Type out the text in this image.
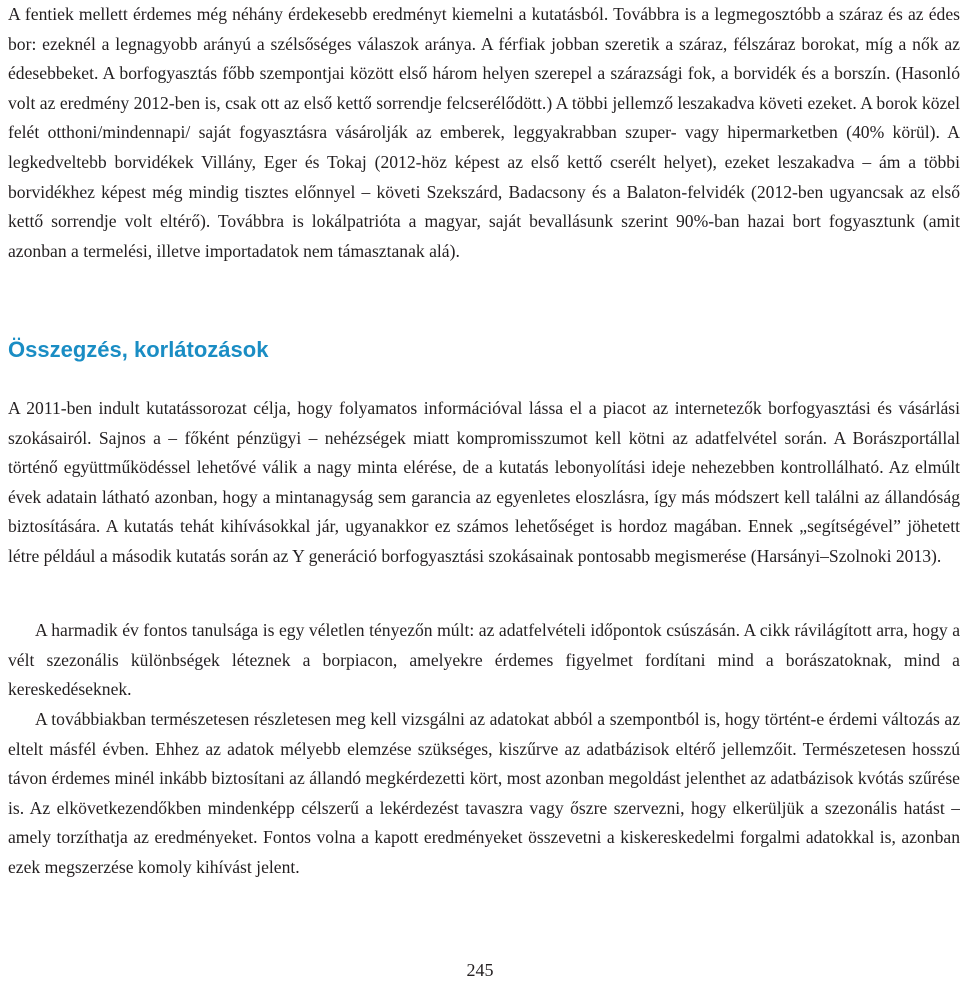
A fentiek mellett érdemes még néhány érdekesebb eredményt kiemelni a kutatásból. Továbbra is a legmegosztóbb a száraz és az édes bor: ezeknél a legnagyobb arányú a szélsőséges válaszok aránya. A férfiak jobban szeretik a száraz, félszáraz borokat, míg a nők az édesebbeket. A borfogyasztás főbb szempontjai között első három helyen szerepel a szárazsági fok, a borvidék és a borszín. (Hasonló volt az eredmény 2012-ben is, csak ott az első kettő sorrendje felcserélődött.) A többi jellemző leszakadva követi ezeket. A borok közel felét otthoni/mindennapi/ saját fogyasztásra vásárolják az emberek, leggyakrabban szuper- vagy hipermarketben (40% körül). A legkedveltebb borvidékek Villány, Eger és Tokaj (2012-höz képest az első kettő cserélt helyet), ezeket leszakadva – ám a többi borvidékhez képest még mindig tisztes előnnyel – követi Szekszárd, Badacsony és a Balaton-felvidék (2012-ben ugyancsak az első kettő sorrendje volt eltérő). Továbbra is lokálpatrióta a magyar, saját bevallásunk szerint 90%-ban hazai bort fogyasztunk (amit azonban a termelési, illetve importadatok nem támasztanak alá).

Összegzés, korlátozások

A 2011-ben indult kutatássorozat célja, hogy folyamatos információval lássa el a piacot az internetezők borfogyasztási és vásárlási szokásairól. Sajnos a – főként pénzügyi – nehézségek miatt kompromisszumot kell kötni az adatfelvétel során. A Borászportállal történő együttműködéssel lehetővé válik a nagy minta elérése, de a kutatás lebonyolítási ideje nehezebben kontrollálható. Az elmúlt évek adatain látható azonban, hogy a mintanagyság sem garancia az egyenletes eloszlásra, így más módszert kell találni az állandóság biztosítására. A kutatás tehát kihívásokkal jár, ugyanakkor ez számos lehetőséget is hordoz magában. Ennek „segítségével” jöhetett létre például a második kutatás során az Y generáció borfogyasztási szokásainak pontosabb megismerése (Harsányi–Szolnoki 2013).

A harmadik év fontos tanulsága is egy véletlen tényezőn múlt: az adatfelvételi időpontok csúszásán. A cikk rávilágított arra, hogy a vélt szezonális különbségek léteznek a borpiacon, amelyekre érdemes figyelmet fordítani mind a borászatoknak, mind a kereskedéseknek.

A továbbiakban természetesen részletesen meg kell vizsgálni az adatokat abból a szempontból is, hogy történt-e érdemi változás az eltelt másfél évben. Ehhez az adatok mélyebb elemzése szükséges, kiszűrve az adatbázisok eltérő jellemzőit. Természetesen hosszú távon érdemes minél inkább biztosítani az állandó megkérdezetti kört, most azonban megoldást jelenthet az adatbázisok kvótás szűrése is. Az elkövetkezendőkben mindenképp célszerű a lekérdezést tavaszra vagy őszre szervezni, hogy elkerüljük a szezonális hatást – amely torzíthatja az eredményeket. Fontos volna a kapott eredményeket összevetni a kiskereskedelmi forgalmi adatokkal is, azonban ezek megszerzése komoly kihívást jelent.

245
